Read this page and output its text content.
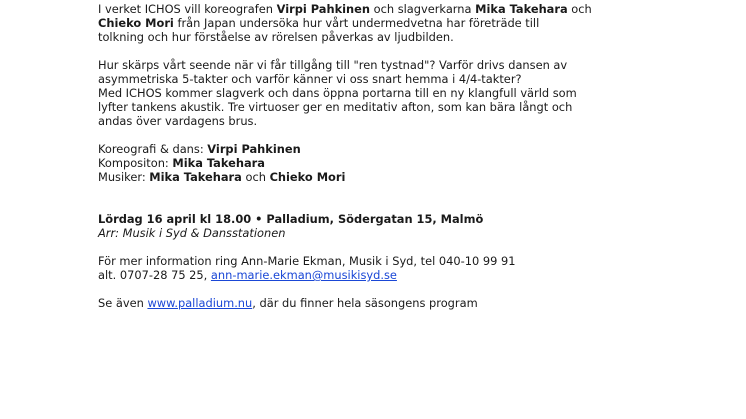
I verket ICHOS vill koreografen Virpi Pahkinen och slagverkarna Mika Takehara och
Chieko Mori från Japan undersöka hur vårt undermedvetna har företräde till
tolkning och hur förståelse av rörelsen påverkas av ljudbilden.
Hur skärps vårt seende när vi får tillgång till "ren tystnad"? Varför drivs dansen av
asymmetriska 5-takter och varför känner vi oss snart hemma i 4/4-takter?
Med ICHOS kommer slagverk och dans öppna portarna till en ny klangfull värld som
lyfter tankens akustik. Tre virtuoser ger en meditativ afton, som kan bära långt och
andas över vardagens brus.
Koreografi & dans: Virpi Pahkinen
Kompositon: Mika Takehara
Musiker: Mika Takehara och Chieko Mori
Lördag 16 april kl 18.00 • Palladium, Södergatan 15, Malmö
Arr: Musik i Syd & Dansstationen
För mer information ring Ann-Marie Ekman, Musik i Syd, tel 040-10 99 91
alt. 0707-28 75 25, ann-marie.ekman@musikisyd.se
Se även www.palladium.nu, där du finner hela säsongens program
